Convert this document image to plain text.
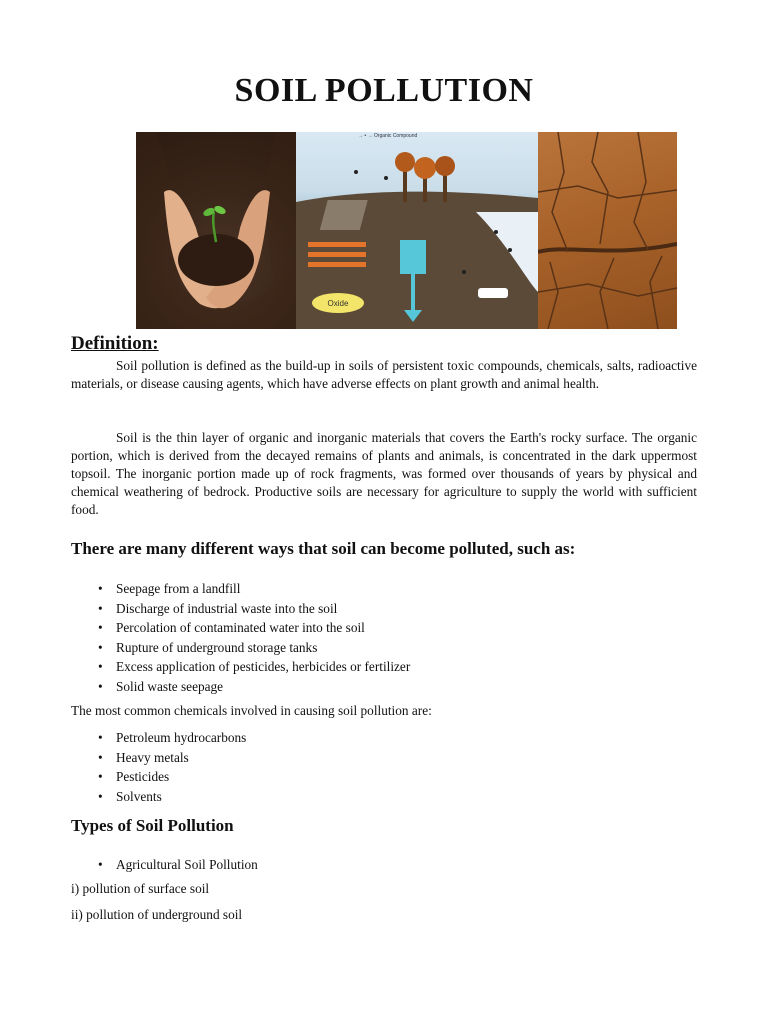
SOIL POLLUTION
→ • → Organic Compound
Oxide
Definition:

Soil pollution is defined as the build-up in soils of persistent toxic compounds, chemicals, salts, radioactive materials, or disease causing agents, which have adverse effects on plant growth and animal health.

Soil is the thin layer of organic and inorganic materials that covers the Earth's rocky surface. The organic portion, which is derived from the decayed remains of plants and animals, is concentrated in the dark uppermost topsoil. The inorganic portion made up of rock fragments, was formed over thousands of years by physical and chemical weathering of bedrock. Productive soils are necessary for agriculture to supply the world with sufficient food.

There are many different ways that soil can become polluted, such as:
• Seepage from a landfill
• Discharge of industrial waste into the soil
• Percolation of contaminated water into the soil
• Rupture of underground storage tanks
• Excess application of pesticides, herbicides or fertilizer
• Solid waste seepage

The most common chemicals involved in causing soil pollution are:

• Petroleum hydrocarbons
• Heavy metals
• Pesticides
• Solvents
Types of Soil Pollution
• Agricultural Soil Pollution

i) pollution of surface soil

ii) pollution of underground soil
